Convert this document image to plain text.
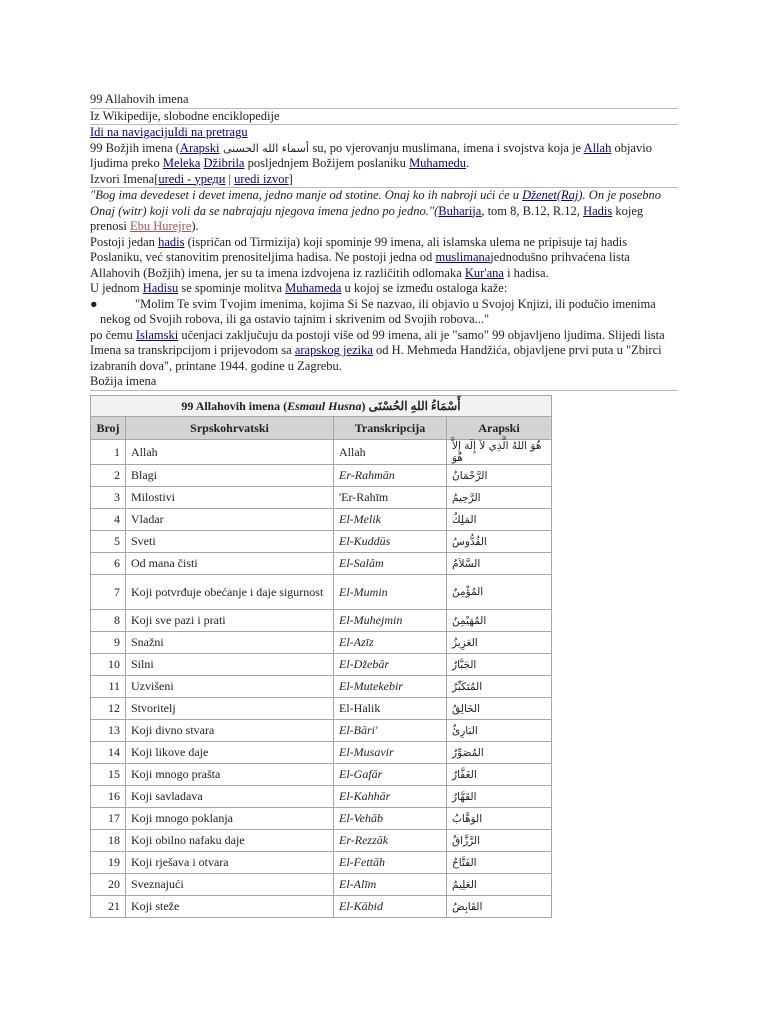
99 Allahovih imena
Iz Wikipedije, slobodne enciklopedije
Idi na navigacijuIdi na pretragu
99 Božjih imena (Arapski أسماء الله الحسنى su, po vjerovanju muslimana, imena i svojstva koja je Allah objavio
ljudima preko Meleka Džibrila posljednjem Božijem poslaniku Muhamedu.
Izvori Imena[uredi - уреди | uredi izvor]
"Bog ima devedeset i devet imena, jedno manje od stotine. Onaj ko ih nabroji ući će u Dženet(Raj). On je posebno
Onaj (witr) koji voli da se nabrajaju njegova imena jedno po jedno."(Buharija, tom 8, B.12, R.12, Hadis kojeg
prenosi Ebu Hurejre).
Postoji jedan hadis (ispričan od Tirmizija) koji spominje 99 imena, ali islamska ulema ne pripisuje taj hadis
Poslaniku, već stanovitim prenositeljima hadisa. Ne postoji jedna od muslimanajednodušno prihvaćena lista
Allahovih (Božjih) imena, jer su ta imena izdvojena iz različitih odlomaka Kur'ana i hadisa.
U jednom Hadisu se spominje molitva Muhameda u kojoj se između ostaloga kaže:
●	"Molim Te svim Tvojim imenima, kojima Si Se nazvao, ili objavio u Svojoj Knjizi, ili podučio imenima
nekog od Svojih robova, ili ga ostavio tajnim i skrivenim od Svojih robova..."
po čemu Islamski učenjaci zaključuju da postoji više od 99 imena, ali je "samo" 99 objavljeno ljudima. Slijedi lista
Imena sa transkripcijom i prijevodom sa arapskog jezika od H. Mehmeda Handžića, objavljene prvi puta u "Zbirci
izabranih dova", printane 1944. godine u Zagrebu.
Božija imena
99 Allahovih imena (Esmaul Husna) أَسْمَاءُ اللهِ الحُسْنَى
Broj	Srpskohrvatski	Transkripcija	Arapski
1	Allah	Allah	هُوَ اللهُ الَّذِي لاَ إِلَهَ إِلاَّ هُوَ
2	Blagi	Er-Rahmān	الرَّحْمَانُ
3	Milostivi	'Er-Rahīm	الرَّحِيمُ
4	Vladar	El-Melik	المَلِكُ
5	Sveti	El-Kuddūs	القُدُّوسُ
6	Od mana čisti	El-Salām	السَّلاَمُ
7	Koji potvrđuje obećanje i daje sigurnost	El-Mumin	المُؤْمِنُ
8	Koji sve pazi i prati	El-Muhejmin	المُهَيْمِنُ
9	Snažni	El-Azīz	العَزِيزُ
10	Silni	El-Džebār	الجَبَّارُ
11	Uzvišeni	El-Mutekebir	المُتَكَبِّرُ
12	Stvoritelj	El-Halik	الخَالِقُ
13	Koji divno stvara	El-Bāri'	البَارِئُ
14	Koji likove daje	El-Musavir	المُصَوِّرُ
15	Koji mnogo prašta	El-Gafār	الغَفَّارُ
16	Koji savladava	El-Kahhār	القَهَّارُ
17	Koji mnogo poklanja	El-Vehāb	الوَهَّابُ
18	Koji obilno nafaku daje	Er-Rezzāk	الرَّزَّاقُ
19	Koji rješava i otvara	El-Fettāh	الفَتَّاحُ
20	Sveznajući	El-Alīm	العَلِيمُ
21	Koji steže	El-Kābid	القَابِضُ
